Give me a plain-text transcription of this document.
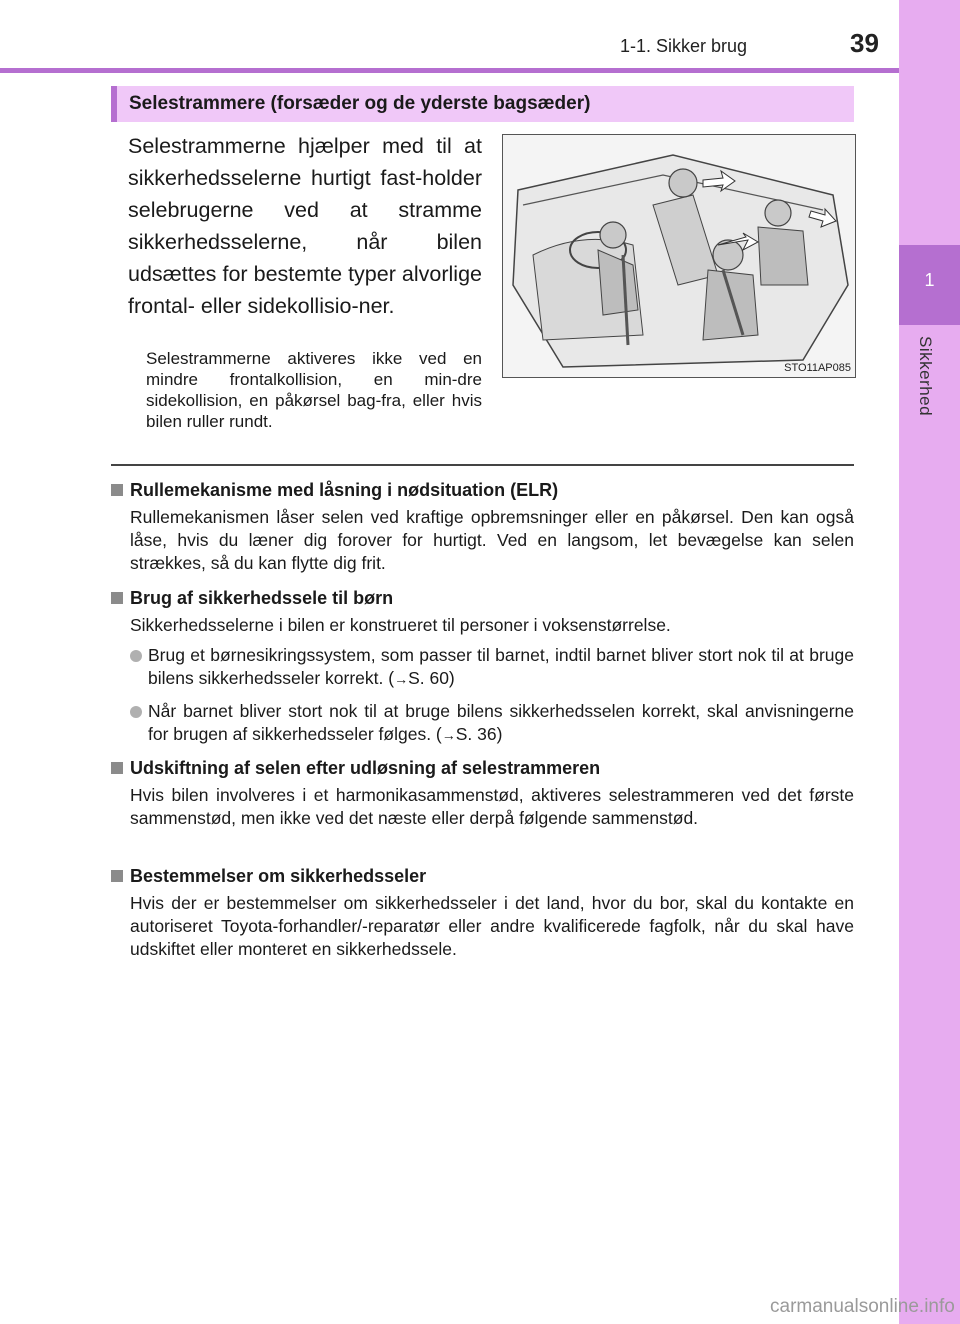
1-1. Sikker brug	39
1
Sikkerhed
Selestrammere (forsæder og de yderste bagsæder)
Selestrammerne hjælper med til at sikkerhedsselerne hurtigt fast-holder selebrugerne ved at stramme sikkerhedsselerne, når bilen udsættes for bestemte typer alvorlige frontal- eller sidekollisio-ner.
Selestrammerne aktiveres ikke ved en mindre frontalkollision, en min-dre sidekollision, en påkørsel bag-fra, eller hvis bilen ruller rundt.
STO11AP085
Rullemekanisme med låsning i nødsituation (ELR)
Rullemekanismen låser selen ved kraftige opbremsninger eller en påkørsel. Den kan også låse, hvis du læner dig forover for hurtigt. Ved en langsom, let bevægelse kan selen strækkes, så du kan flytte dig frit.
Brug af sikkerhedssele til børn
Sikkerhedsselerne i bilen er konstrueret til personer i voksenstørrelse.
Brug et børnesikringssystem, som passer til barnet, indtil barnet bliver stort nok til at bruge bilens sikkerhedsseler korrekt. (→S. 60)
Når barnet bliver stort nok til at bruge bilens sikkerhedsselen korrekt, skal anvisningerne for brugen af sikkerhedsseler følges. (→S. 36)
Udskiftning af selen efter udløsning af selestrammeren
Hvis bilen involveres i et harmonikasammenstød, aktiveres selestrammeren ved det første sammenstød, men ikke ved det næste eller derpå følgende sammenstød.
Bestemmelser om sikkerhedsseler
Hvis der er bestemmelser om sikkerhedsseler i det land, hvor du bor, skal du kontakte en autoriseret Toyota-forhandler/-reparatør eller andre kvalificerede fagfolk, når du skal have udskiftet eller monteret en sikkerhedssele.
carmanualsonline.info
